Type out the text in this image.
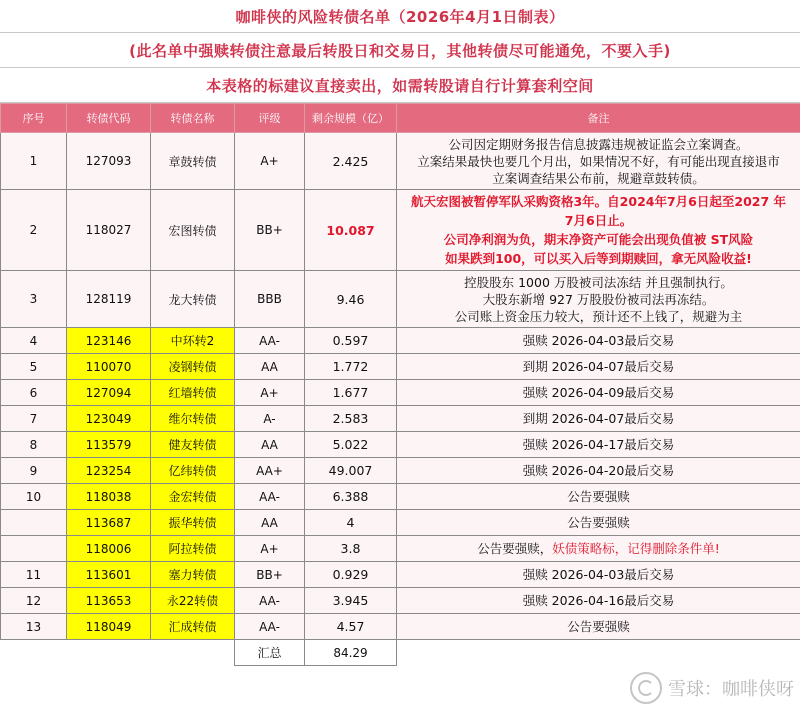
咖啡侠的风险转债名单（2026年4月1日制表）
(此名单中强赎转债注意最后转股日和交易日，其他转债尽可能通免，不要入手)
本表格的标建议直接卖出，如需转股请自行计算套利空间
序号	转债代码	转债名称	评级	剩余规模（亿）	备注
1	127093	章鼓转债	A+	2.425	公司因定期财务报告信息披露违规被证监会立案调查。
立案结果最快也要几个月出，如果情况不好，有可能出现直接退市
立案调查结果公布前，规避章鼓转债。

2	118027	宏图转债	BB+	10.087	航天宏图被暂停军队采购资格3年。自2024年7月6日起至2027 年
7月6日止。
公司净利润为负，期末净资产可能会出现负值被 ST风险
如果跌到100，可以买入后等到期赎回，拿无风险收益!

3	128119	龙大转债	BBB	9.46	控股股东 1000 万股被司法冻结 并且强制执行。
大股东新增 927 万股股份被司法再冻结。
公司账上资金压力较大，预计还不上钱了，规避为主

4	123146	中环转2	AA-	0.597	强赎 2026-04-03最后交易
5	110070	凌钢转债	AA	1.772	到期 2026-04-07最后交易
6	127094	红墙转债	A+	1.677	强赎 2026-04-09最后交易
7	123049	维尔转债	A-	2.583	到期 2026-04-07最后交易
8	113579	健友转债	AA	5.022	强赎 2026-04-17最后交易
9	123254	亿纬转债	AA+	49.007	强赎 2026-04-20最后交易
10	118038	金宏转债	AA-	6.388	公告要强赎
	113687	振华转债	AA	4	公告要强赎
	118006	阿拉转债	A+	3.8	公告要强赎，妖债策略标，记得删除条件单!
11	113601	塞力转债	BB+	0.929	强赎 2026-04-03最后交易
12	113653	永22转债	AA-	3.945	强赎 2026-04-16最后交易
13	118049	汇成转债	AA-	4.57	公告要强赎
			汇总	84.29	
雪球：咖啡侠呀
